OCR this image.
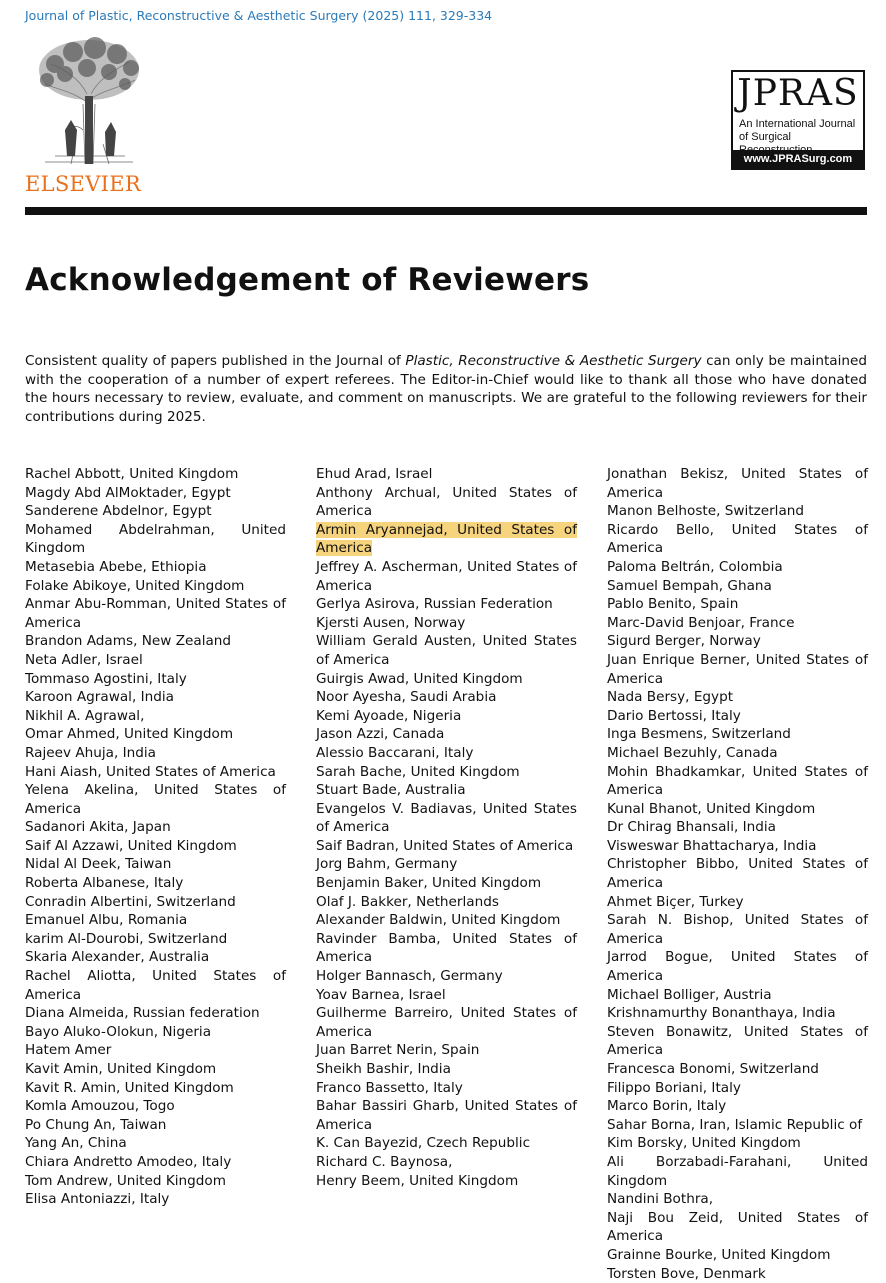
Journal of Plastic, Reconstructive & Aesthetic Surgery (2025) 111, 329-334
ELSEVIER
JPRAS
An International Journal of Surgical
www.JPRASurg.com
Acknowledgement of Reviewers

Consistent quality of papers published in the Journal of Plastic, Reconstructive & Aesthetic Surgery can only be maintained with the cooperation of a number of expert referees. The Editor-in-Chief would like to thank all those who have donated the hours necessary to review, evaluate, and comment on manuscripts. We are grateful to the following reviewers for their contributions during 2025.

Rachel Abbott, United Kingdom

Magdy Abd AlMoktader, Egypt

Sanderene Abdelnor, Egypt

Mohamed Abdelrahman, United Kingdom

Metasebia Abebe, Ethiopia

Folake Abikoye, United Kingdom

Anmar Abu-Romman, United States of America

Brandon Adams, New Zealand

Neta Adler, Israel

Tommaso Agostini, Italy

Karoon Agrawal, India

Nikhil A. Agrawal,

Omar Ahmed, United Kingdom

Rajeev Ahuja, India

Hani Aiash, United States of America

Yelena Akelina, United States of America

Sadanori Akita, Japan

Saif Al Azzawi, United Kingdom

Nidal Al Deek, Taiwan

Roberta Albanese, Italy

Conradin Albertini, Switzerland

Emanuel Albu, Romania

karim Al-Dourobi, Switzerland

Skaria Alexander, Australia

Rachel Aliotta, United States of America

Diana Almeida, Russian federation

Bayo Aluko-Olokun, Nigeria

Hatem Amer

Kavit Amin, United Kingdom

Kavit R. Amin, United Kingdom

Komla Amouzou, Togo

Po Chung An, Taiwan

Yang An, China

Chiara Andretto Amodeo, Italy

Tom Andrew, United Kingdom

Elisa Antoniazzi, Italy

Ehud Arad, Israel

Anthony Archual, United States of America

Armin Aryannejad, United States of America

Jeffrey A. Ascherman, United States of America

Gerlya Asirova, Russian Federation

Kjersti Ausen, Norway

William Gerald Austen, United States of America

Guirgis Awad, United Kingdom

Noor Ayesha, Saudi Arabia

Kemi Ayoade, Nigeria

Jason Azzi, Canada

Alessio Baccarani, Italy

Sarah Bache, United Kingdom

Stuart Bade, Australia

Evangelos V. Badiavas, United States of America

Saif Badran, United States of America

Jorg Bahm, Germany

Benjamin Baker, United Kingdom

Olaf J. Bakker, Netherlands

Alexander Baldwin, United Kingdom

Ravinder Bamba, United States of America

Holger Bannasch, Germany

Yoav Barnea, Israel

Guilherme Barreiro, United States of America

Juan Barret Nerin, Spain

Sheikh Bashir, India

Franco Bassetto, Italy

Bahar Bassiri Gharb, United States of America

K. Can Bayezid, Czech Republic

Richard C. Baynosa,

Henry Beem, United Kingdom

Jonathan Bekisz, United States of America

Manon Belhoste, Switzerland

Ricardo Bello, United States of America

Paloma Beltrán, Colombia

Samuel Bempah, Ghana

Pablo Benito, Spain

Marc-David Benjoar, France

Sigurd Berger, Norway

Juan Enrique Berner, United States of America

Nada Bersy, Egypt

Dario Bertossi, Italy

Inga Besmens, Switzerland

Michael Bezuhly, Canada

Mohin Bhadkamkar, United States of America

Kunal Bhanot, United Kingdom

Dr Chirag Bhansali, India

Visweswar Bhattacharya, India

Christopher Bibbo, United States of America

Ahmet Biçer, Turkey

Sarah N. Bishop, United States of America

Jarrod Bogue, United States of America

Michael Bolliger, Austria

Krishnamurthy Bonanthaya, India

Steven Bonawitz, United States of America

Francesca Bonomi, Switzerland

Filippo Boriani, Italy

Marco Borin, Italy

Sahar Borna, Iran, Islamic Republic of

Kim Borsky, United Kingdom

Ali Borzabadi-Farahani, United Kingdom

Nandini Bothra,

Naji Bou Zeid, United States of America

Grainne Bourke, United Kingdom

Torsten Bove, Denmark
